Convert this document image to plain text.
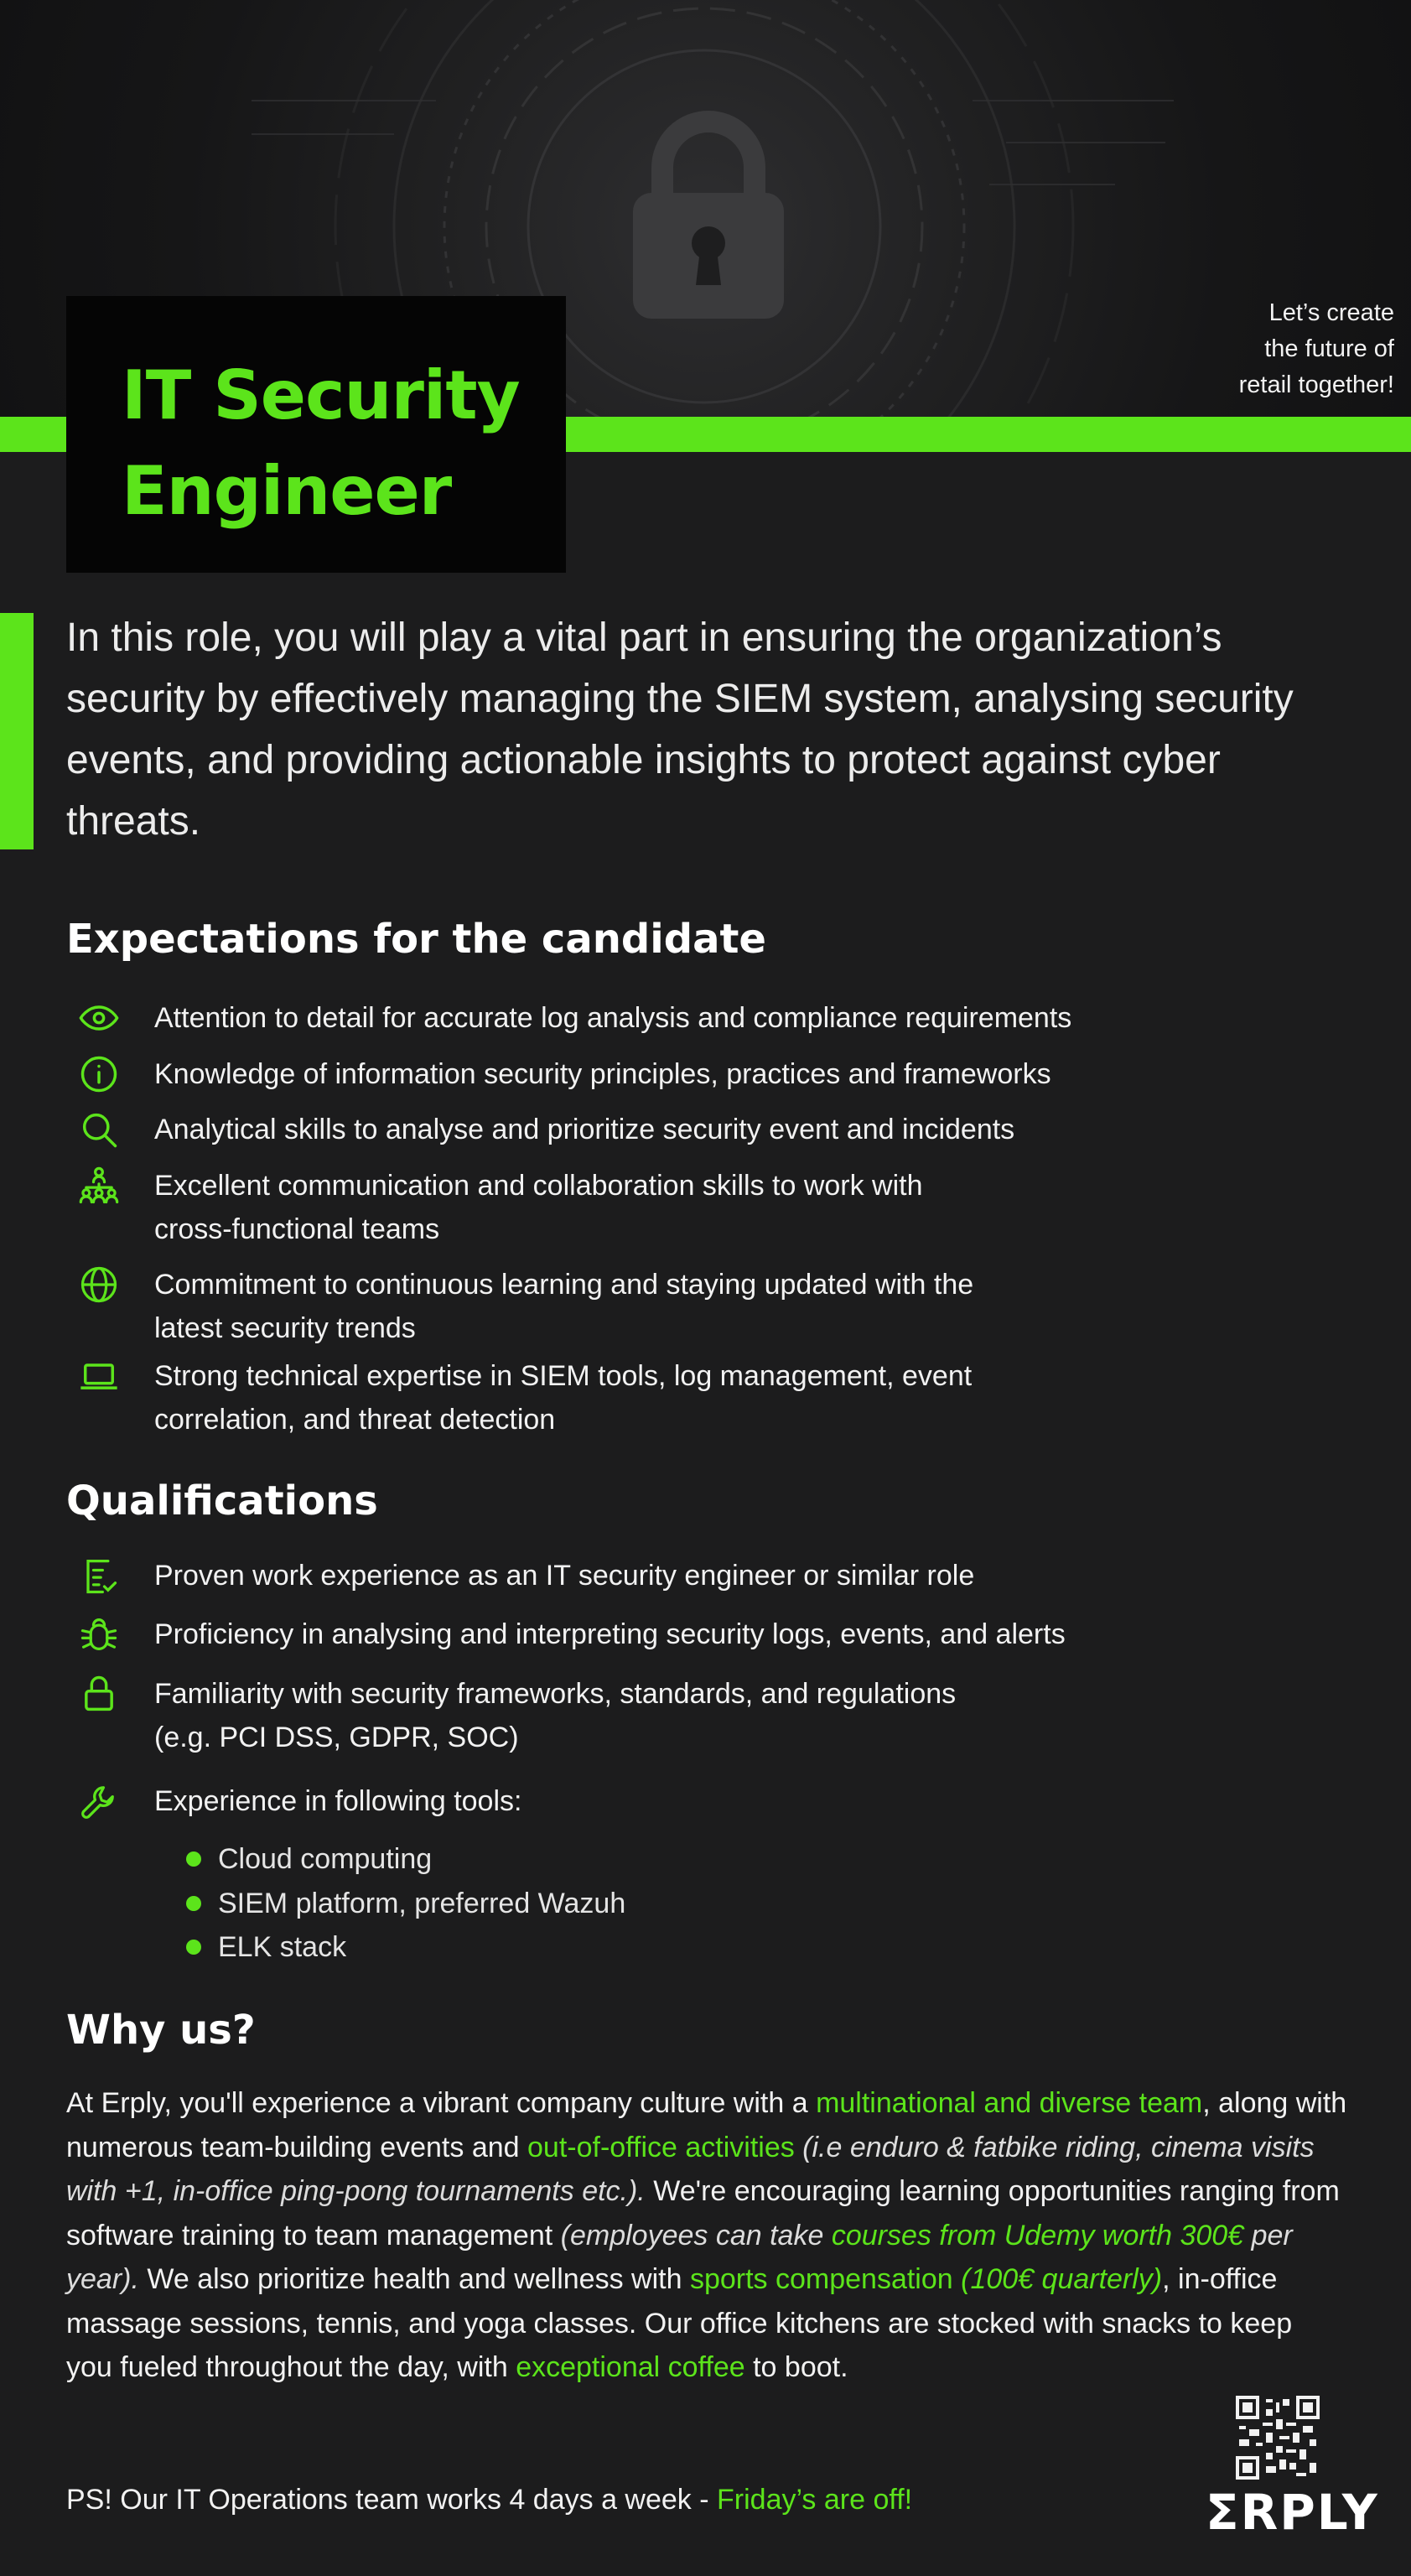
IT Security
Engineer
Let’s create
the future of
retail together!

In this role, you will play a vital part in ensuring the organization’s security by effectively managing the SIEM system, analysing security events, and providing actionable insights to protect against cyber threats.

Expectations for the candidate
Attention to detail for accurate log analysis and compliance requirements
Knowledge of information security principles, practices and frameworks
Analytical skills to analyse and prioritize security event and incidents
Excellent communication and collaboration skills to work with
cross-functional teams
Commitment to continuous learning and staying updated with the
latest security trends
Strong technical expertise in SIEM tools, log management, event
correlation, and threat detection
Qualifications
Proven work experience as an IT security engineer or similar role
Proficiency in analysing and interpreting security logs, events, and alerts
Familiarity with security frameworks, standards, and regulations
(e.g. PCI DSS, GDPR, SOC)
Experience in following tools:
Cloud computing
SIEM platform, preferred Wazuh
ELK stack
Why us?

At Erply, you'll experience a vibrant company culture with a multinational and diverse team, along with numerous team-building events and out-of-office activities (i.e enduro & fatbike riding, cinema visits with +1, in-office ping-pong tournaments etc.). We're encouraging learning opportunities ranging from software training to team management (employees can take courses from Udemy worth 300€ per year). We also prioritize health and wellness with sports compensation (100€ quarterly), in-office massage sessions, tennis, and yoga classes. Our office kitchens are stocked with snacks to keep
you fueled throughout the day, with exceptional coffee to boot.

PS! Our IT Operations team works 4 days a week - Friday’s are off!	ΣRPLY
